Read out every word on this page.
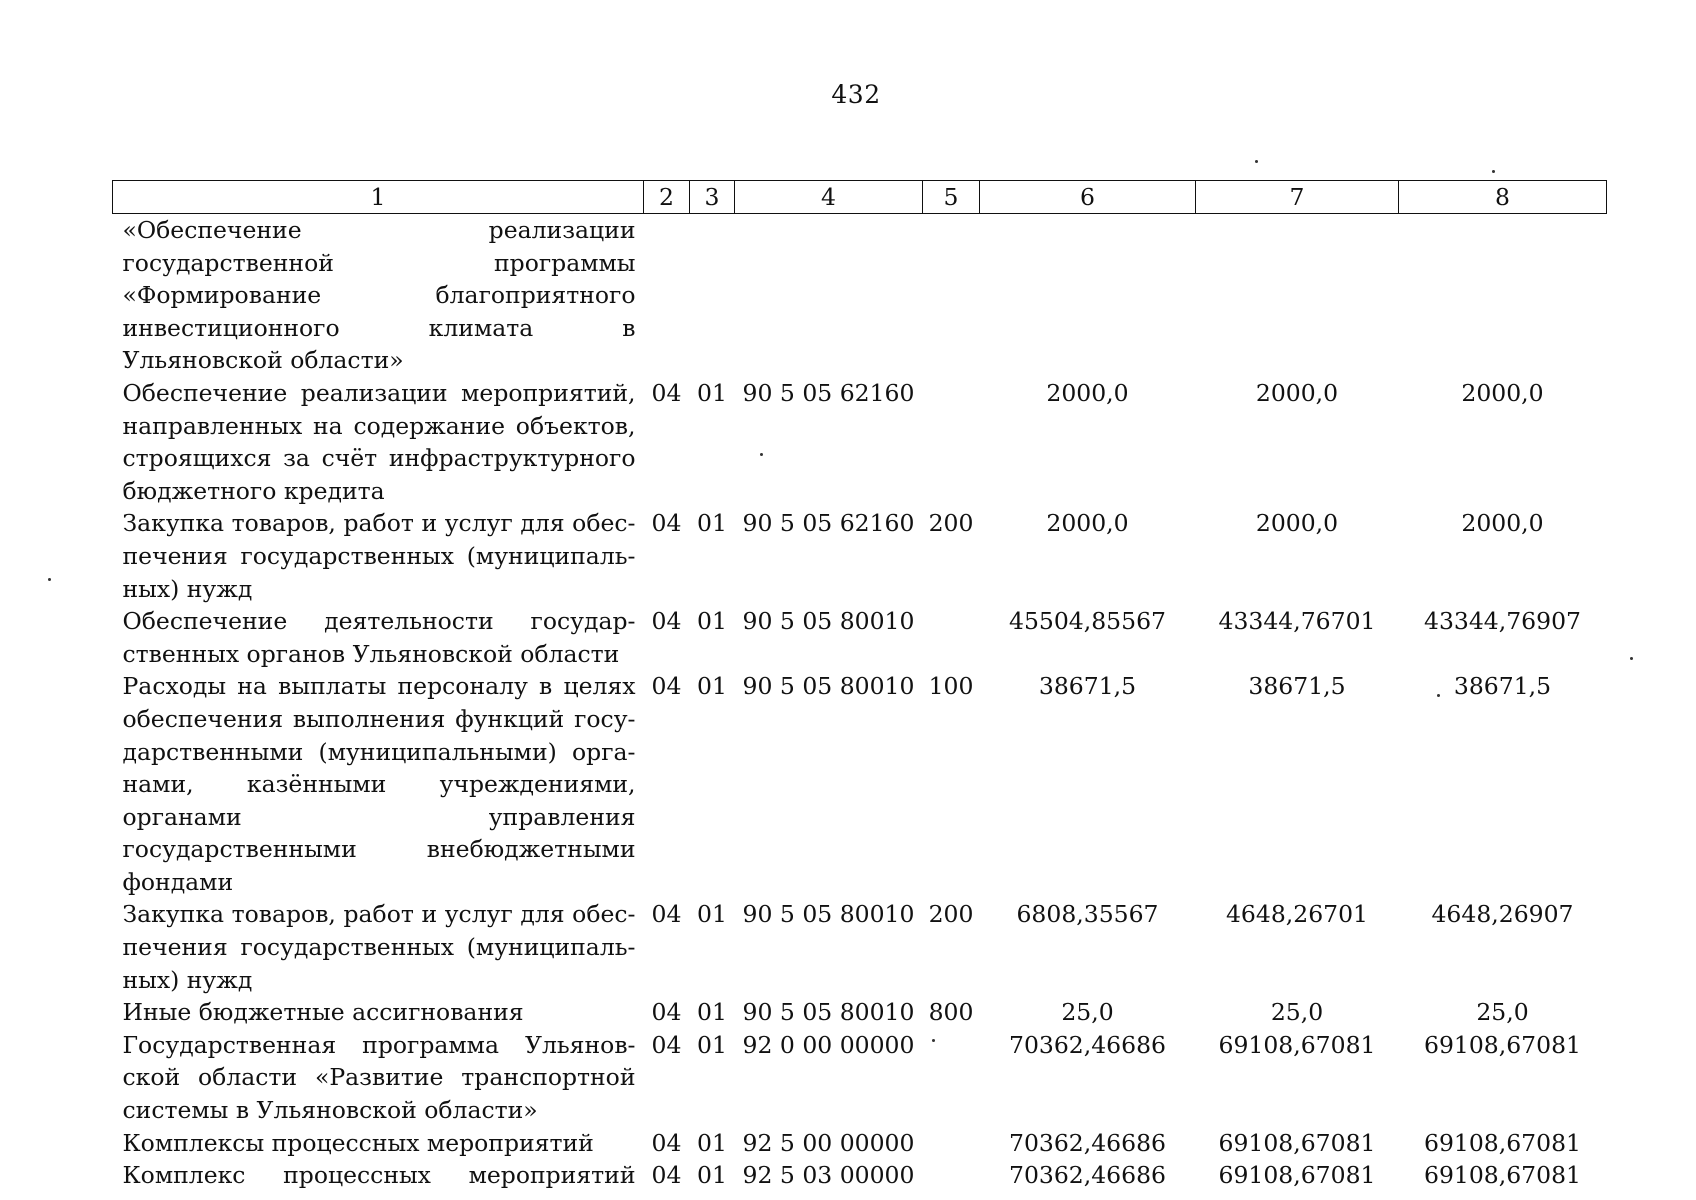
432
1	2	3	4	5	6	7	8
«Обеспечение реализации государственной программы «Формирование благоприятного инвестиционного климата в Ульяновской области»							
Обеспечение реализации мероприятий, направленных на содержание объектов, строящихся за счёт инфраструктурного бюджетного кредита	04	01	90 5 05 62160		2000,0	2000,0	2000,0
Закупка товаров, работ и услуг для обеспечения государственных (муниципальных) нужд	04	01	90 5 05 62160	200	2000,0	2000,0	2000,0
Обеспечение деятельности государственных органов Ульяновской области	04	01	90 5 05 80010		45504,85567	43344,76701	43344,76907
Расходы на выплаты персоналу в целях обеспечения выполнения функций государственными (муниципальными) органами, казёнными учреждениями, органами управления государственными внебюджетными фондами	04	01	90 5 05 80010	100	38671,5	38671,5	38671,5
Закупка товаров, работ и услуг для обеспечения государственных (муниципальных) нужд	04	01	90 5 05 80010	200	6808,35567	4648,26701	4648,26907
Иные бюджетные ассигнования	04	01	90 5 05 80010	800	25,0	25,0	25,0
Государственная программа Ульяновской области «Развитие транспортной системы в Ульяновской области»	04	01	92 0 00 00000		70362,46686	69108,67081	69108,67081
Комплексы процессных мероприятий	04	01	92 5 00 00000		70362,46686	69108,67081	69108,67081
Комплекс процессных мероприятий	04	01	92 5 03 00000		70362,46686	69108,67081	69108,67081
